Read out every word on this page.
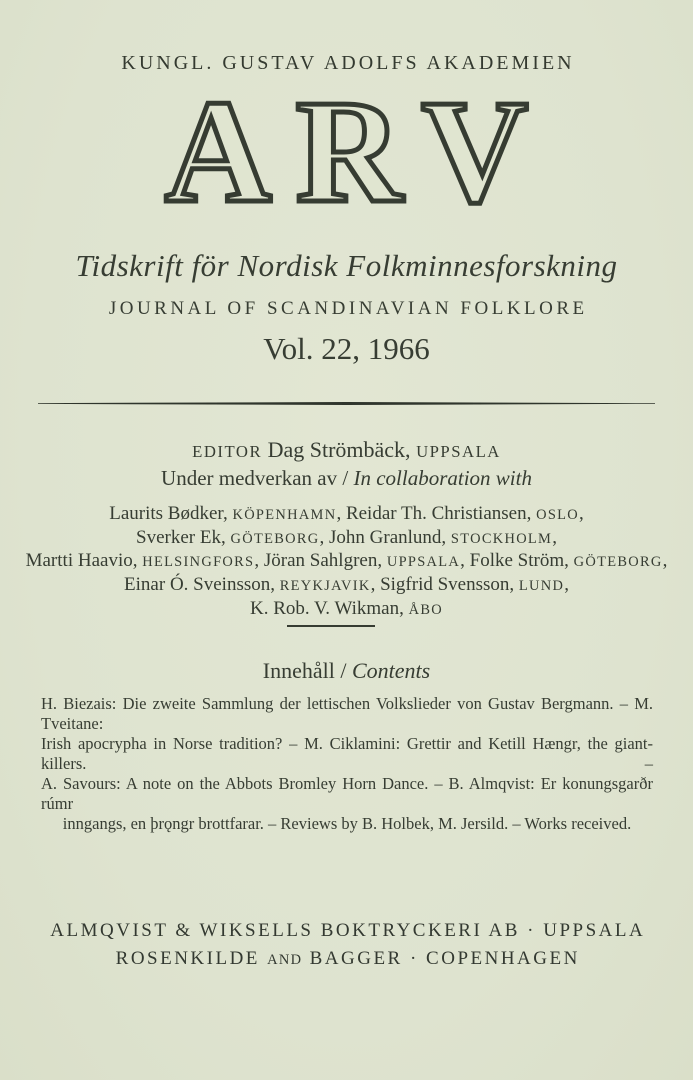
KUNGL. GUSTAV ADOLFS AKADEMIEN
ARV
Tidskrift för Nordisk Folkminnesforskning
JOURNAL OF SCANDINAVIAN FOLKLORE
Vol. 22, 1966
EDITOR Dag Strömbäck, UPPSALA
Under medverkan av / In collaboration with
Laurits Bødker, KÖPENHAMN, Reidar Th. Christiansen, OSLO,
Sverker Ek, GÖTEBORG, John Granlund, STOCKHOLM,
Martti Haavio, HELSINGFORS, Jöran Sahlgren, UPPSALA, Folke Ström, GÖTEBORG,
Einar Ó. Sveinsson, REYKJAVIK, Sigfrid Svensson, LUND,
K. Rob. V. Wikman, ÅBO
Innehåll / Contents
H. Biezais: Die zweite Sammlung der lettischen Volkslieder von Gustav Bergmann. – M. Tveitane:
Irish apocrypha in Norse tradition? – M. Ciklamini: Grettir and Ketill Hængr, the giant-killers. –
A. Savours: A note on the Abbots Bromley Horn Dance. – B. Almqvist: Er konungsgarðr rúmr
inngangs, en þrǫngr brottfarar. – Reviews by B. Holbek, M. Jersild. – Works received.
ALMQVIST & WIKSELLS BOKTRYCKERI AB · UPPSALA
ROSENKILDE AND BAGGER · COPENHAGEN
